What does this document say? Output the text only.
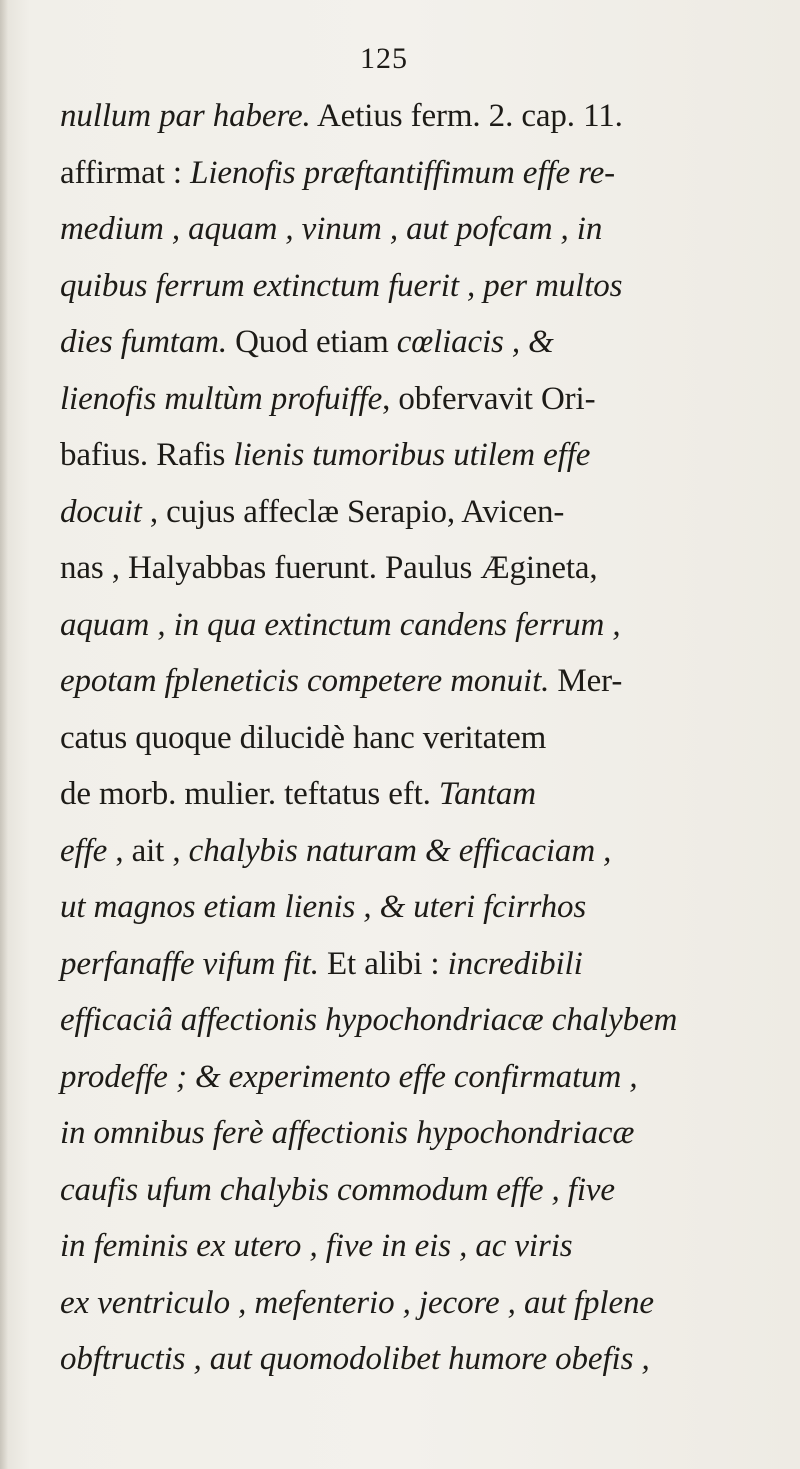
125
nullum par habere. Aetius ferm. 2. cap. 11.
affirmat : Lienofis præftantiffimum effe re-
medium , aquam , vinum , aut pofcam , in
quibus ferrum extinctum fuerit , per multos
dies fumtam. Quod etiam cœliacis , &
lienofis multùm profuiffe, obfervavit Ori-
bafius. Rafis lienis tumoribus utilem effe
docuit , cujus affeclæ Serapio, Avicen-
nas , Halyabbas fuerunt. Paulus Ægineta,
aquam , in qua extinctum candens ferrum ,
epotam fpleneticis competere monuit. Mer-
catus quoque dilucidè hanc veritatem
de morb. mulier. teftatus eft. Tantam
effe , ait , chalybis naturam & efficaciam ,
ut magnos etiam lienis , & uteri fcirrhos
perfanaffe vifum fit. Et alibi : incredibili
efficaciâ affectionis hypochondriacæ chalybem
prodeffe ; & experimento effe confirmatum ,
in omnibus ferè affectionis hypochondriacæ
caufis ufum chalybis commodum effe , five
in feminis ex utero , five in eis , ac viris
ex ventriculo , mefenterio , jecore , aut fplene
obftructis , aut quomodolibet humore obefis ,
